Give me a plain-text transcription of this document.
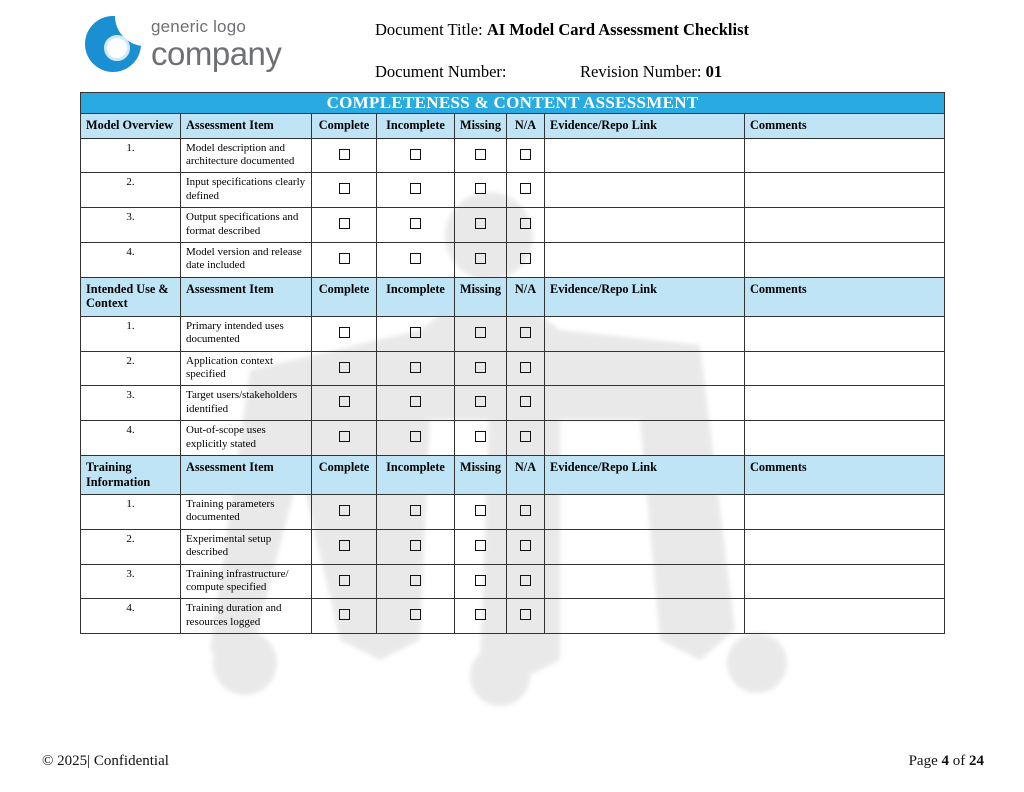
generic logo
company
Document Title: AI Model Card Assessment Checklist
Document Number:	Revision Number: 01
COMPLETENESS & CONTENT ASSESSMENT							
Model Overview	Assessment Item	Complete	Incomplete	Missing	N/A	Evidence/Repo Link	Comments
1.	Model description and architecture documented						
2.	Input specifications clearly defined						
3.	Output specifications and format described						
4.	Model version and release date included						
Intended Use & Context	Assessment Item	Complete	Incomplete	Missing	N/A	Evidence/Repo Link	Comments
1.	Primary intended uses documented						
2.	Application context specified						
3.	Target users/stakeholders identified						
4.	Out-of-scope uses explicitly stated						
Training Information	Assessment Item	Complete	Incomplete	Missing	N/A	Evidence/Repo Link	Comments
1.	Training parameters documented						
2.	Experimental setup described						
3.	Training infrastructure/ compute specified						
4.	Training duration and resources logged						
© 2025| Confidential	Page 4 of 24
